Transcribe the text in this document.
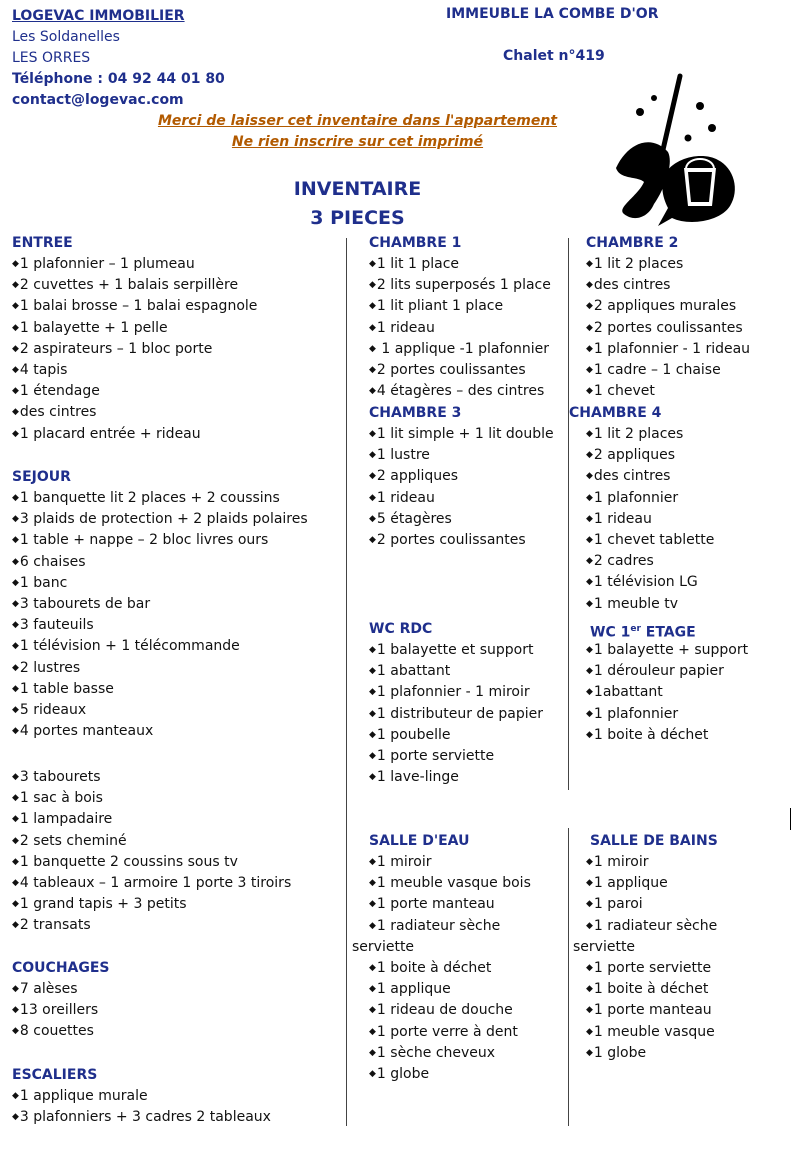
LOGEVAC IMMOBILIER
Les Soldanelles
LES ORRES
Téléphone : 04 92 44 01 80
contact@logevac.com
IMMEUBLE LA COMBE D'OR
Chalet n°419
Merci de laisser cet inventaire dans l'appartement
Ne rien inscrire sur cet imprimé
INVENTAIRE
3 PIECES
ENTREE
◆1 plafonnier – 1 plumeau
◆2 cuvettes + 1 balais serpillère
◆1 balai brosse – 1 balai espagnole
◆1 balayette + 1 pelle
◆2 aspirateurs – 1 bloc porte
◆4 tapis
◆1 étendage
◆des cintres
◆1 placard entrée + rideau
SEJOUR
◆1 banquette lit 2 places + 2 coussins
◆3 plaids de protection + 2 plaids polaires
◆1 table + nappe – 2 bloc livres ours
◆6 chaises
◆1 banc
◆3 tabourets de bar
◆3 fauteuils
◆1 télévision + 1 télécommande
◆2 lustres
◆1 table basse
◆5 rideaux
◆4 portes manteaux
◆3 tabourets
◆1 sac à bois
◆1 lampadaire
◆2 sets cheminé
◆1 banquette 2 coussins sous tv
◆4 tableaux – 1 armoire 1 porte 3 tiroirs
◆1 grand tapis + 3 petits
◆2 transats
COUCHAGES
◆7 alèses
◆13 oreillers
◆8 couettes
ESCALIERS
◆1 applique murale
◆3 plafonniers + 3 cadres 2 tableaux
CHAMBRE 1
◆1 lit 1 place
◆2 lits superposés 1 place
◆1 lit pliant 1 place
◆1 rideau
◆ 1 applique -1 plafonnier
◆2 portes coulissantes
◆4 étagères – des cintres
CHAMBRE 3
◆1 lit simple + 1 lit double
◆1 lustre
◆2 appliques
◆1 rideau
◆5 étagères
◆2 portes coulissantes
WC RDC
◆1 balayette et support
◆1 abattant
◆1 plafonnier - 1 miroir
◆1 distributeur de papier
◆1 poubelle
◆1 porte serviette
◆1 lave-linge
SALLE D'EAU
◆1 miroir
◆1 meuble vasque bois
◆1 porte manteau
◆1 radiateur sèche
serviette
◆1 boite à déchet
◆1 applique
◆1 rideau de douche
◆1 porte verre à dent
◆1 sèche cheveux
◆1 globe
CHAMBRE 2
◆1 lit 2 places
◆des cintres
◆2 appliques murales
◆2 portes coulissantes
◆1 plafonnier - 1 rideau
◆1 cadre – 1 chaise
◆1 chevet
CHAMBRE 4
◆1 lit 2 places
◆2 appliques
◆des cintres
◆1 plafonnier
◆1 rideau
◆1 chevet tablette
◆2 cadres
◆1 télévision LG
◆1 meuble tv
WC 1er ETAGE
◆1 balayette + support
◆1 dérouleur papier
◆1abattant
◆1 plafonnier
◆1 boite à déchet
SALLE DE BAINS
◆1 miroir
◆1 applique
◆1 paroi
◆1 radiateur sèche
serviette
◆1 porte serviette
◆1 boite à déchet
◆1 porte manteau
◆1 meuble vasque
◆1 globe
